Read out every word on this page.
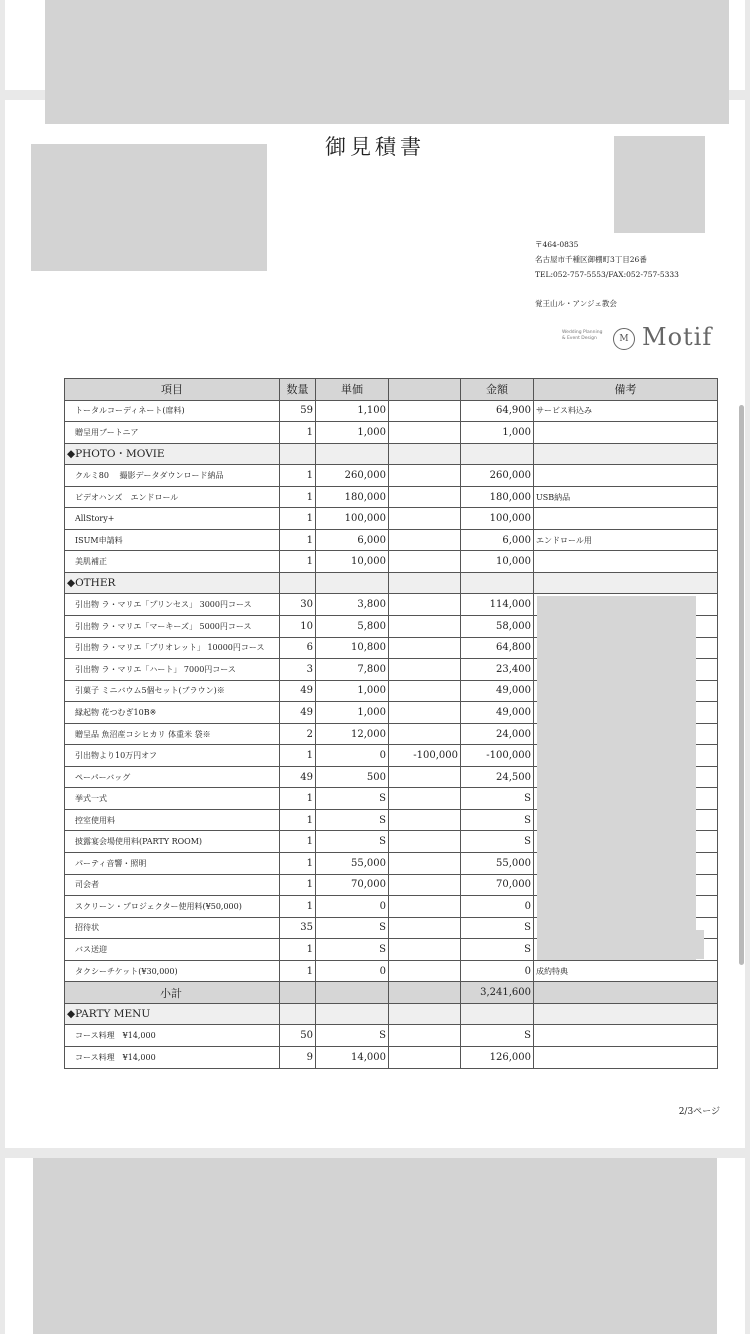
御見積書
〒464-0835
名古屋市千種区御棚町3丁目26番
TEL:052-757-5553/FAX:052-757-5333
覚王山ル・アンジェ教会
Wedding Planning
& Event Design	M Motif
項目	数量	単価		金額	備考
トータルコーディネート(席料)	59	1,100		64,900	サービス料込み
贈呈用ブートニア	1	1,000		1,000	
◆PHOTO・MOVIE					
クルミ80　 撮影データダウンロード納品	1	260,000		260,000	
ビデオハンズ　エンドロール	1	180,000		180,000	USB納品
AllStory+	1	100,000		100,000	
ISUM申請料	1	6,000		6,000	エンドロール用
美肌補正	1	10,000		10,000	
◆OTHER					
引出物 ラ・マリエ「プリンセス」 3000円コース	30	3,800		114,000	
引出物 ラ・マリエ「マーキーズ」 5000円コース	10	5,800		58,000	
引出物 ラ・マリエ「ブリオレット」 10000円コース	6	10,800		64,800	
引出物 ラ・マリエ「ハート」 7000円コース	3	7,800		23,400	
引菓子 ミニバウム5個セット(ブラウン)※	49	1,000		49,000	
縁起物 花つむぎ10B※	49	1,000		49,000	
贈呈品 魚沼産コシヒカリ 体重米 袋※	2	12,000		24,000	
引出物より10万円オフ	1	0	-100,000	-100,000	
ペーパーバッグ	49	500		24,500	
挙式一式	1	S		S	
控室使用料	1	S		S	
披露宴会場使用料(PARTY ROOM)	1	S		S	
パーティ音響・照明	1	55,000		55,000	
司会者	1	70,000		70,000	
スクリーン・プロジェクター使用料(¥50,000)	1	0		0	
招待状	35	S		S	
バス送迎	1	S		S	
タクシーチケット(¥30,000)	1	0		0	成約特典
小計				3,241,600	
◆PARTY MENU					
コース料理　¥14,000	50	S		S	
コース料理　¥14,000	9	14,000		126,000	
2/3ページ
